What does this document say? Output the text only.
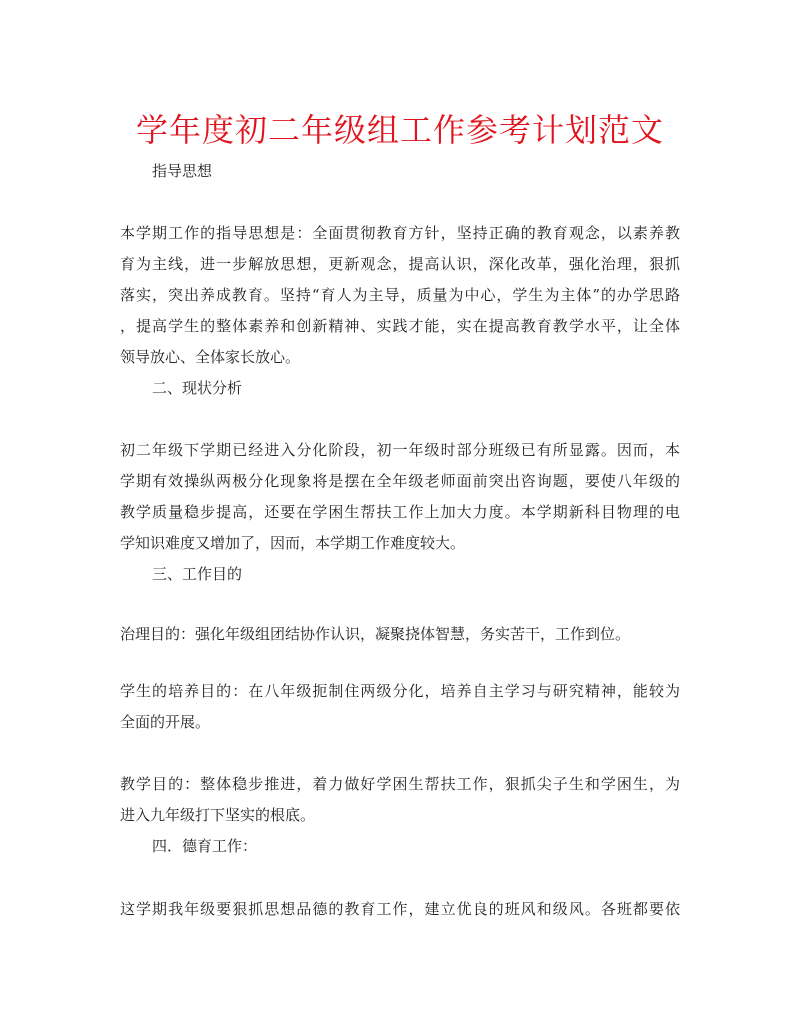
学年度初二年级组工作参考计划范文

指导思想

本学期工作的指导思想是：全面贯彻教育方针，坚持正确的教育观念，以素养教

育为主线，进一步解放思想，更新观念，提高认识，深化改革，强化治理，狠抓

落实，突出养成教育。坚持“育人为主导，质量为中心，学生为主体”的办学思路

，提高学生的整体素养和创新精神、实践才能，实在提高教育教学水平，让全体

领导放心、全体家长放心。

二、现状分析

初二年级下学期已经进入分化阶段，初一年级时部分班级已有所显露。因而，本

学期有效操纵两极分化现象将是摆在全年级老师面前突出咨询题，要使八年级的

教学质量稳步提高，还要在学困生帮扶工作上加大力度。本学期新科目物理的电

学知识难度又增加了，因而，本学期工作难度较大。

三、工作目的

治理目的：强化年级组团结协作认识，凝聚挠体智慧，务实苦干，工作到位。

学生的培养目的：在八年级扼制住两级分化，培养自主学习与研究精神，能较为

全面的开展。

教学目的：整体稳步推进，着力做好学困生帮扶工作，狠抓尖子生和学困生，为

进入九年级打下坚实的根底。

四．德育工作：

这学期我年级要狠抓思想品德的教育工作，建立优良的班风和级风。各班都要依
